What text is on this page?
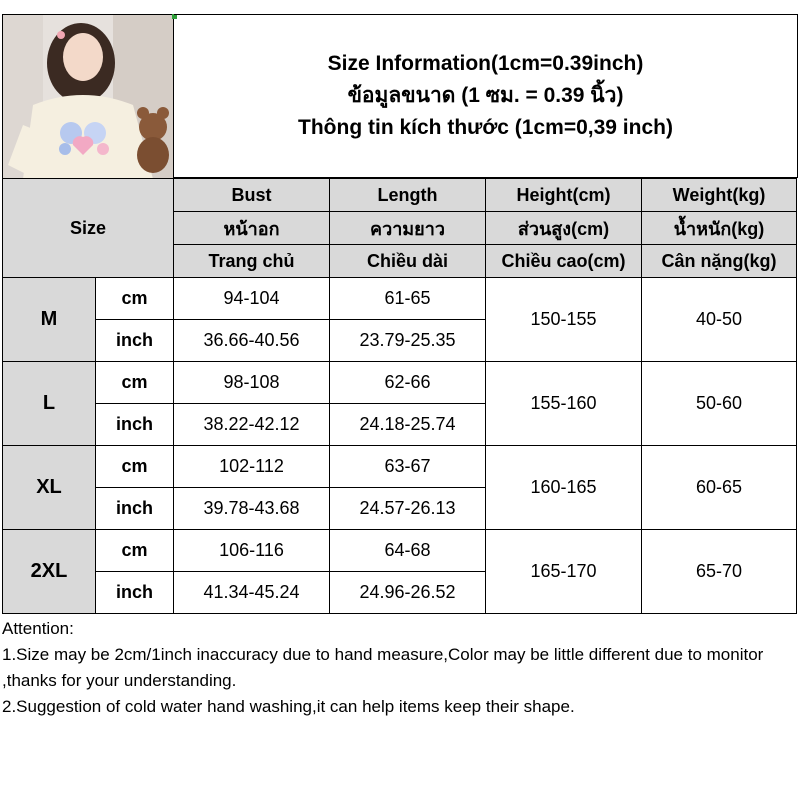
Size Information(1cm=0.39inch)
ข้อมูลขนาด (1 ซม. = 0.39 นิ้ว)
Thông tin kích thước (1cm=0,39 inch)
Size		Bust	Length	Height(cm)	Weight(kg)
		หน้าอก	ความยาว	ส่วนสูง(cm)	น้ำหนัก(kg)
		Trang chủ	Chiều dài	Chiều cao(cm)	Cân nặng(kg)
M	cm	94-104	61-65	150-155	40-50
	inch	36.66-40.56	23.79-25.35		
L	cm	98-108	62-66	155-160	50-60
	inch	38.22-42.12	24.18-25.74		
XL	cm	102-112	63-67	160-165	60-65
	inch	39.78-43.68	24.57-26.13		
2XL	cm	106-116	64-68	165-170	65-70
	inch	41.34-45.24	24.96-26.52		
Attention:
1.Size may be 2cm/1inch inaccuracy due to hand measure,Color may be little different due to monitor ,thanks for your understanding.
2.Suggestion of cold water hand washing,it can help items keep their shape.
